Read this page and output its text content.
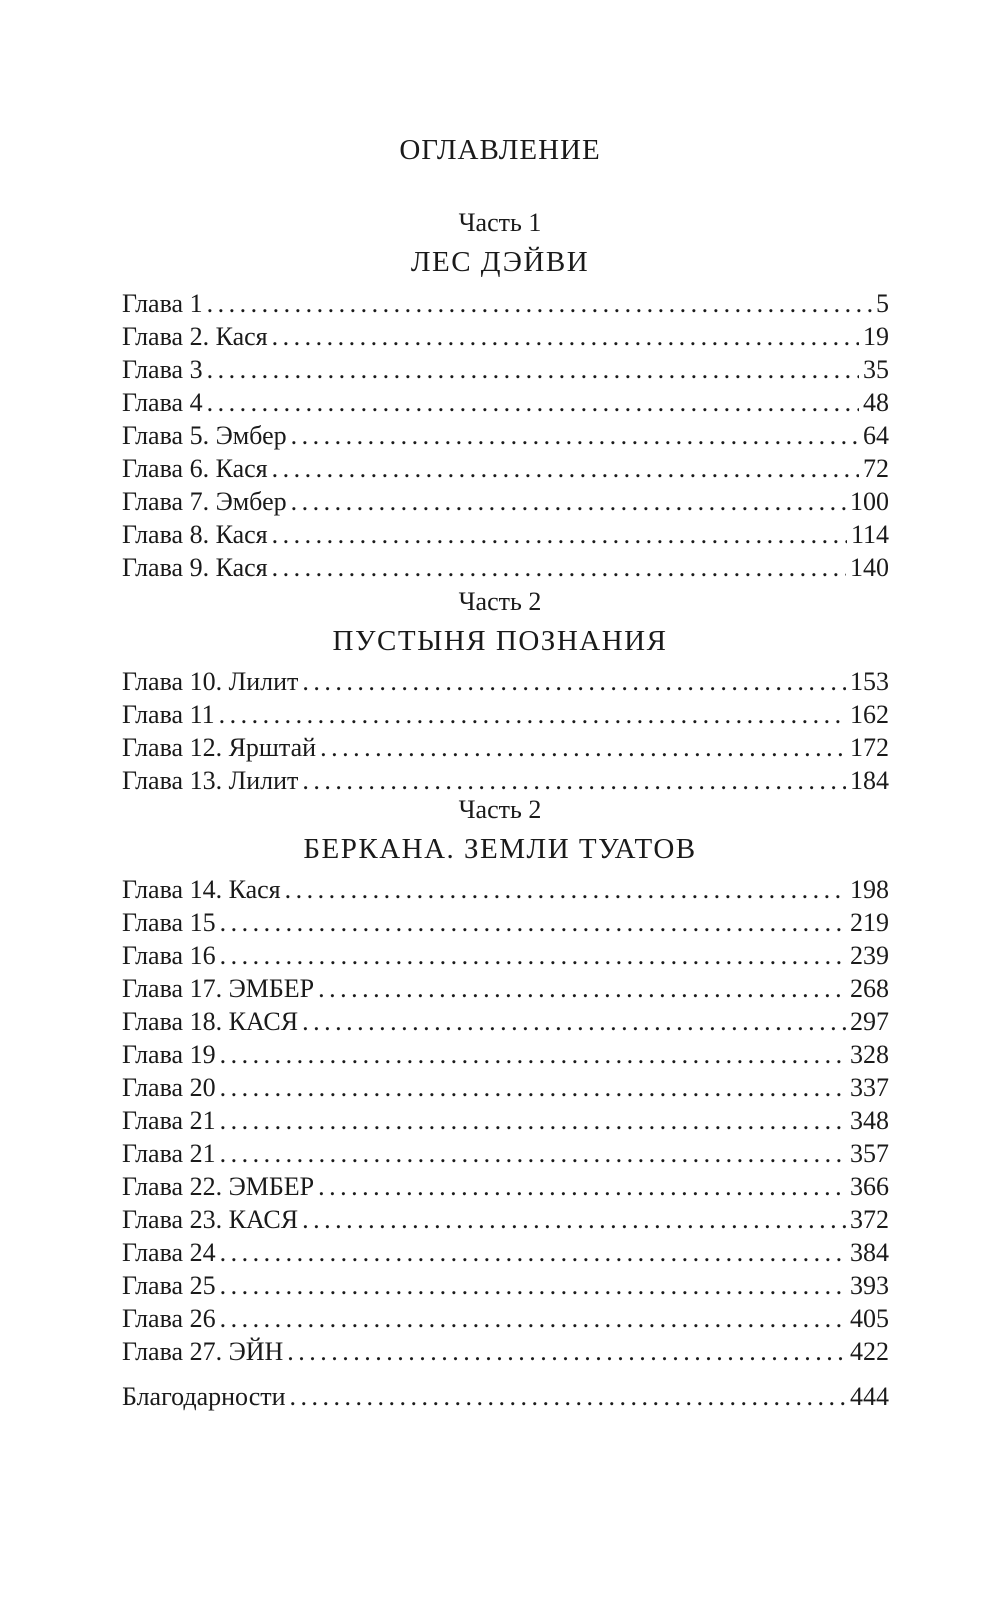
ОГЛАВЛЕНИЕ
Часть 1
ЛЕС ДЭЙВИ
Глава 1 . . .	5
Глава 2. Кася . . .	19
Глава 3 . . .	35
Глава 4 . . .	48
Глава 5. Эмбер . . .	64
Глава 6. Кася . . .	72
Глава 7. Эмбер . . .	100
Глава 8. Кася . . .	114
Глава 9. Кася . . .	140
Часть 2
ПУСТЫНЯ ПОЗНАНИЯ
Глава 10. Лилит . . .	153
Глава 11 . . .	162
Глава 12. Ярштай . . .	172
Глава 13. Лилит . . .	184
Часть 2
БЕРКАНА. ЗЕМЛИ ТУАТОВ
Глава 14. Кася . . .	198
Глава 15 . . .	219
Глава 16 . . .	239
Глава 17. ЭМБЕР . . .	268
Глава 18. КАСЯ . . .	297
Глава 19 . . .	328
Глава 20 . . .	337
Глава 21 . . .	348
Глава 21 . . .	357
Глава 22. ЭМБЕР . . .	366
Глава 23. КАСЯ . . .	372
Глава 24 . . .	384
Глава 25 . . .	393
Глава 26 . . .	405
Глава 27. ЭЙН . . .	422
Благодарности . . .	444
